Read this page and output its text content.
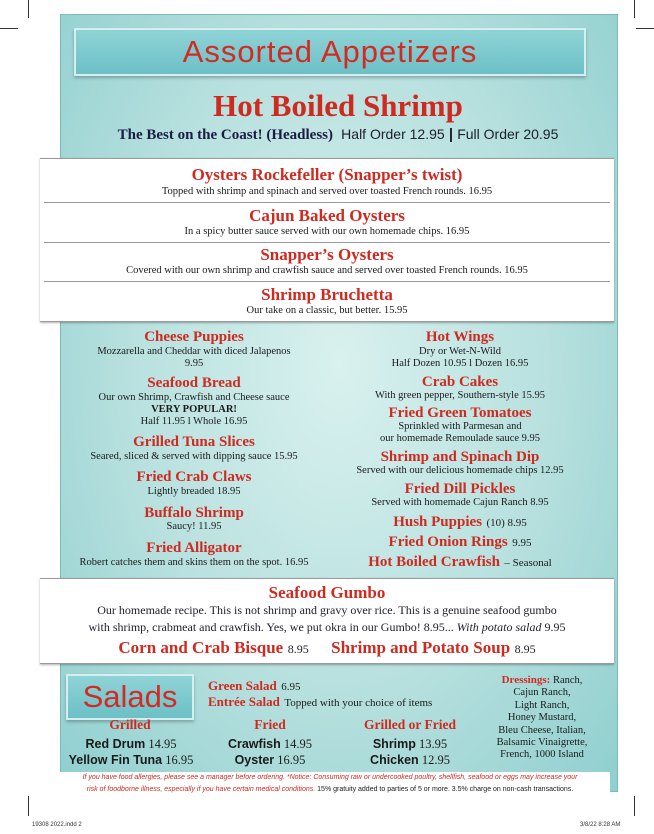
Assorted Appetizers
Hot Boiled Shrimp
The Best on the Coast! (Headless) Half Order 12.95 | Full Order 20.95
Oysters Rockefeller (Snapper’s twist)
Topped with shrimp and spinach and served over toasted French rounds. 16.95
Cajun Baked Oysters
In a spicy butter sauce served with our own homemade chips. 16.95
Snapper’s Oysters
Covered with our own shrimp and crawfish sauce and served over toasted French rounds. 16.95
Shrimp Bruchetta
Our take on a classic, but better. 15.95
Cheese Puppies
Mozzarella and Cheddar with diced Jalapenos
9.95
Seafood Bread
Our own Shrimp, Crawfish and Cheese sauce
VERY POPULAR!
Half 11.95 l Whole 16.95
Grilled Tuna Slices
Seared, sliced & served with dipping sauce 15.95
Fried Crab Claws
Lightly breaded 18.95
Buffalo Shrimp
Saucy! 11.95
Fried Alligator
Robert catches them and skins them on the spot. 16.95
Hot Wings
Dry or Wet-N-Wild
Half Dozen 10.95 l Dozen 16.95
Crab Cakes
With green pepper, Southern-style 15.95
Fried Green Tomatoes
Sprinkled with Parmesan and
our homemade Remoulade sauce 9.95
Shrimp and Spinach Dip
Served with our delicious homemade chips 12.95
Fried Dill Pickles
Served with homemade Cajun Ranch 8.95
Hush Puppies (10) 8.95
Fried Onion Rings 9.95
Hot Boiled Crawfish – Seasonal
Seafood Gumbo
Our homemade recipe. This is not shrimp and gravy over rice. This is a genuine seafood gumbo
with shrimp, crabmeat and crawfish. Yes, we put okra in our Gumbo! 8.95... With potato salad 9.95
Corn and Crab Bisque 8.95 Shrimp and Potato Soup 8.95
Salads	Green Salad 6.95
Entrée Salad Topped with your choice of items
Grilled
Red Drum 14.95
Yellow Fin Tuna 16.95
Fried
Crawfish 14.95
Oyster 16.95
Grilled or Fried
Shrimp 13.95
Chicken 12.95
Dressings: Ranch,
Cajun Ranch,
Light Ranch,
Honey Mustard,
Bleu Cheese, Italian,
Balsamic Vinaigrette,
French, 1000 Island
If you have food allergies, please see a manager before ordering. *Notice: Consuming raw or undercooked poultry, shellfish, seafood or eggs may increase your
risk of foodborne illness, especially if you have certain medical conditions. 15% gratuity added to parties of 5 or more. 3.5% charge on non-cash transactions.
19308 2022.indd 2	3/8/22 8:28 AM
